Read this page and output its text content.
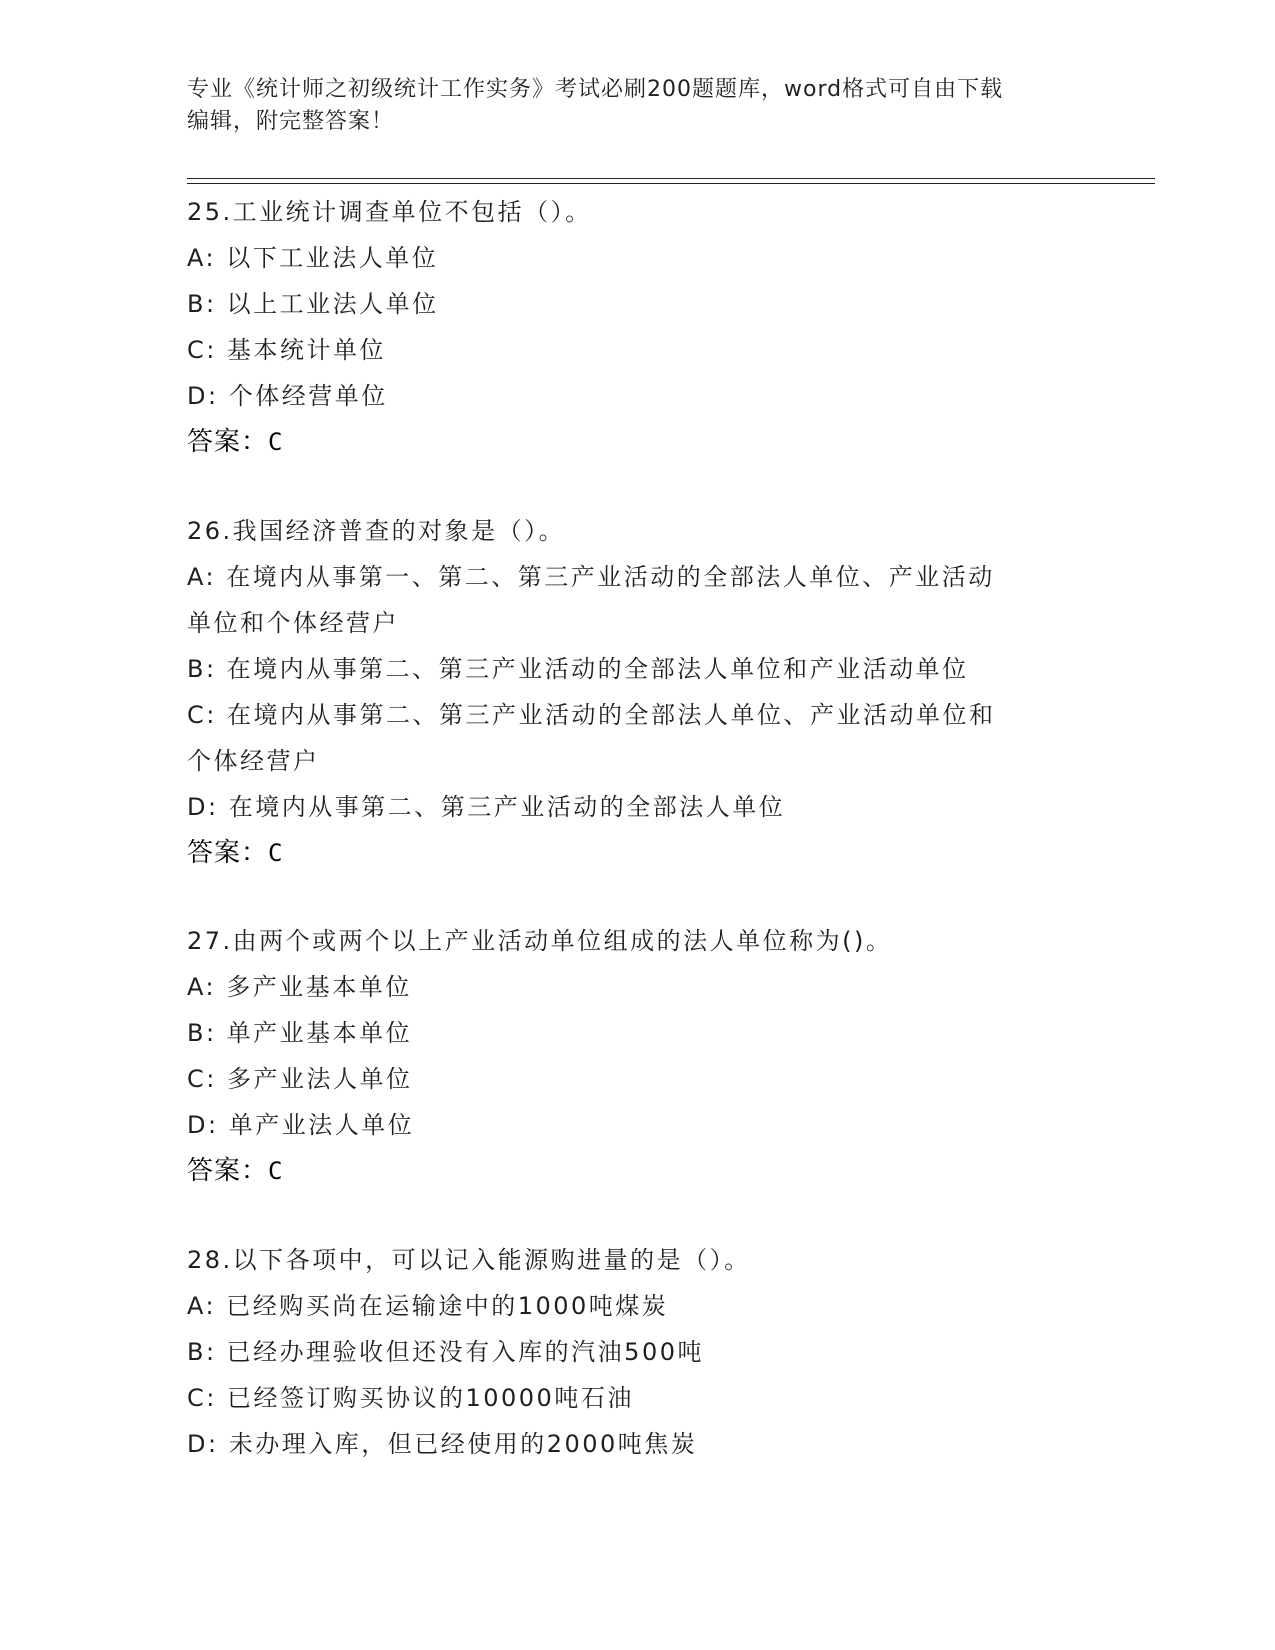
专业《统计师之初级统计工作实务》考试必刷200题题库，word格式可自由下载
编辑，附完整答案！
25.工业统计调查单位不包括（）。
A: 以下工业法人单位
B: 以上工业法人单位
C: 基本统计单位
D: 个体经营单位
答案：C
26.我国经济普查的对象是（）。
A: 在境内从事第一、第二、第三产业活动的全部法人单位、产业活动
单位和个体经营户
B: 在境内从事第二、第三产业活动的全部法人单位和产业活动单位
C: 在境内从事第二、第三产业活动的全部法人单位、产业活动单位和
个体经营户
D: 在境内从事第二、第三产业活动的全部法人单位
答案：C
27.由两个或两个以上产业活动单位组成的法人单位称为()。
A: 多产业基本单位
B: 单产业基本单位
C: 多产业法人单位
D: 单产业法人单位
答案：C
28.以下各项中，可以记入能源购进量的是（）。
A: 已经购买尚在运输途中的1000吨煤炭
B: 已经办理验收但还没有入库的汽油500吨
C: 已经签订购买协议的10000吨石油
D: 未办理入库，但已经使用的2000吨焦炭
